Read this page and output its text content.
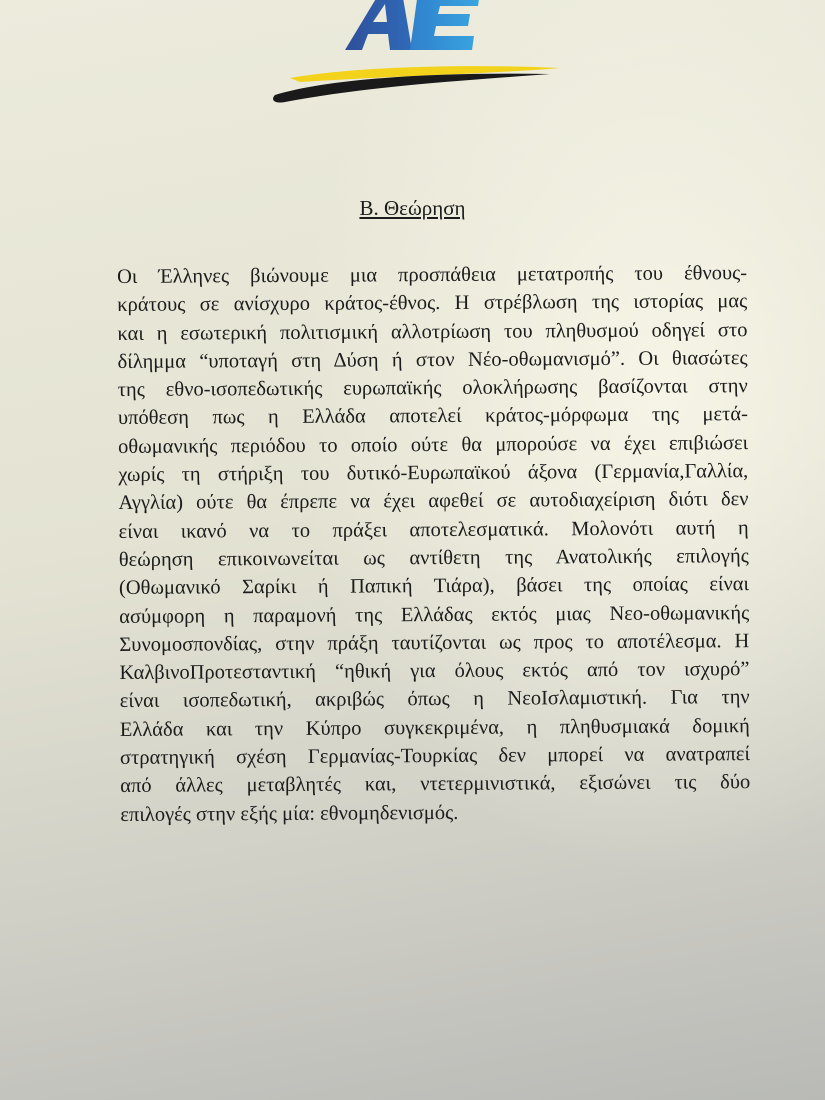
Β. Θεώρηση
Οι Έλληνες βιώνουμε μια προσπάθεια μετατροπής του έθνους-
κράτους σε ανίσχυρο κράτος-έθνος. Η στρέβλωση της ιστορίας μας
και η εσωτερική πολιτισμική αλλοτρίωση του πληθυσμού οδηγεί στο
δίλημμα “υποταγή στη Δύση ή στον Νέο-οθωμανισμό”. Οι θιασώτες
της εθνο-ισοπεδωτικής ευρωπαϊκής ολοκλήρωσης βασίζονται στην
υπόθεση πως η Ελλάδα αποτελεί κράτος-μόρφωμα της μετά-
οθωμανικής περιόδου το οποίο ούτε θα μπορούσε να έχει επιβιώσει
χωρίς τη στήριξη του δυτικό-Ευρωπαϊκού άξονα (Γερμανία,Γαλλία,
Αγγλία) ούτε θα έπρεπε να έχει αφεθεί σε αυτοδιαχείριση διότι δεν
είναι ικανό να το πράξει αποτελεσματικά. Μολονότι αυτή η
θεώρηση επικοινωνείται ως αντίθετη της Ανατολικής επιλογής
(Οθωμανικό Σαρίκι ή Παπική Τιάρα), βάσει της οποίας είναι
ασύμφορη η παραμονή της Ελλάδας εκτός μιας Νεο-οθωμανικής
Συνομοσπονδίας, στην πράξη ταυτίζονται ως προς το αποτέλεσμα. Η
ΚαλβινοΠροτεσταντική “ηθική για όλους εκτός από τον ισχυρό”
είναι ισοπεδωτική, ακριβώς όπως η ΝεοΙσλαμιστική. Για την
Ελλάδα και την Κύπρο συγκεκριμένα, η πληθυσμιακά δομική
στρατηγική σχέση Γερμανίας-Τουρκίας δεν μπορεί να ανατραπεί
από άλλες μεταβλητές και, ντετερμινιστικά, εξισώνει τις δύο
επιλογές στην εξής μία: εθνομηδενισμός.
